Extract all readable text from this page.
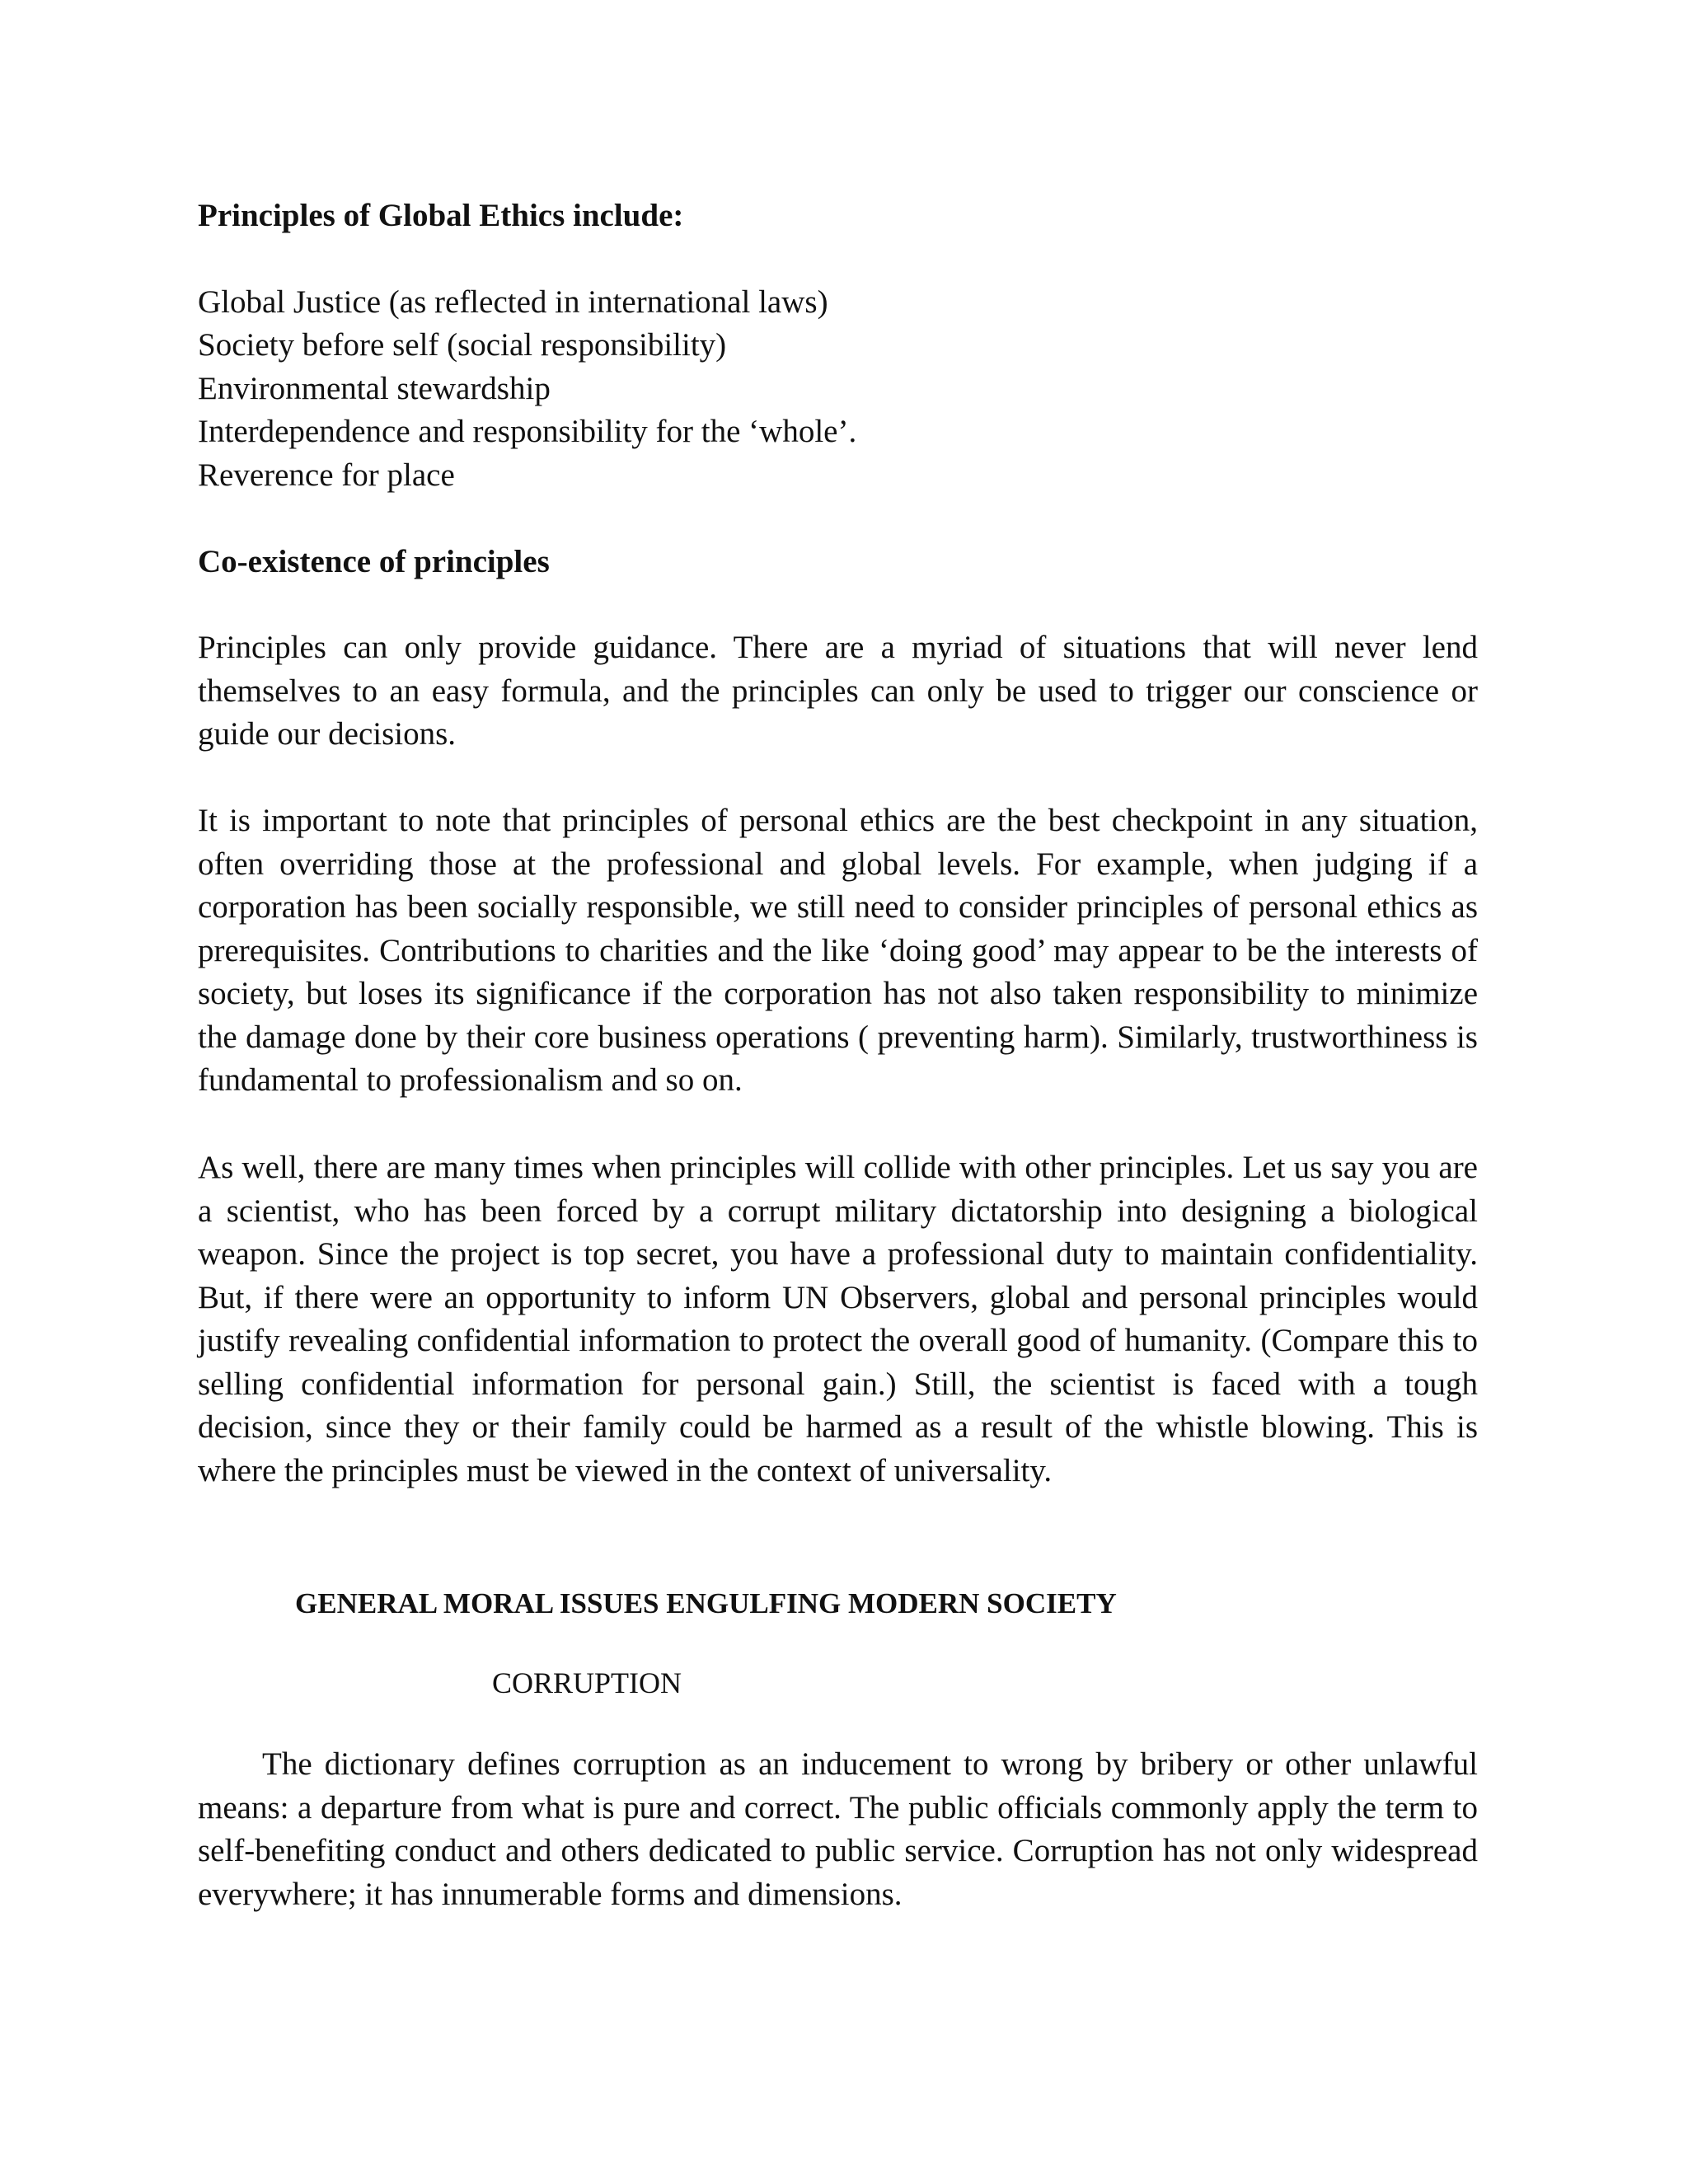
Principles of Global Ethics include:

Global Justice (as reflected in international laws)

Society before self (social responsibility)

Environmental stewardship

Interdependence and responsibility for the ‘whole’.

Reverence for place

Co-existence of principles

Principles can only provide guidance. There are a myriad of situations that will never lend themselves to an easy formula, and the principles can only be used to trigger our conscience or guide our decisions.

It is important to note that principles of personal ethics are the best checkpoint in any situation, often overriding those at the professional and global levels. For example, when judging if a corporation has been socially responsible, we still need to consider principles of personal ethics as prerequisites. Contributions to charities and the like ‘doing good’ may appear to be the interests of society, but loses its significance if the corporation has not also taken responsibility to minimize the damage done by their core business operations ( preventing harm). Similarly, trustworthiness is fundamental to professionalism and so on.

As well, there are many times when principles will collide with other principles. Let us say you are a scientist, who has been forced by a corrupt military dictatorship into designing a biological weapon. Since the project is top secret, you have a professional duty to maintain confidentiality. But, if there were an opportunity to inform UN Observers, global and personal principles would justify revealing confidential information to protect the overall good of humanity. (Compare this to selling confidential information for personal gain.) Still, the scientist is faced with a tough decision, since they or their family could be harmed as a result of the whistle blowing. This is where the principles must be viewed in the context of universality.

GENERAL MORAL ISSUES ENGULFING MODERN SOCIETY

CORRUPTION

The dictionary defines corruption as an inducement to wrong by bribery or other unlawful means: a departure from what is pure and correct. The public officials commonly apply the term to self-benefiting conduct and others dedicated to public service. Corruption has not only widespread everywhere; it has innumerable forms and dimensions.
